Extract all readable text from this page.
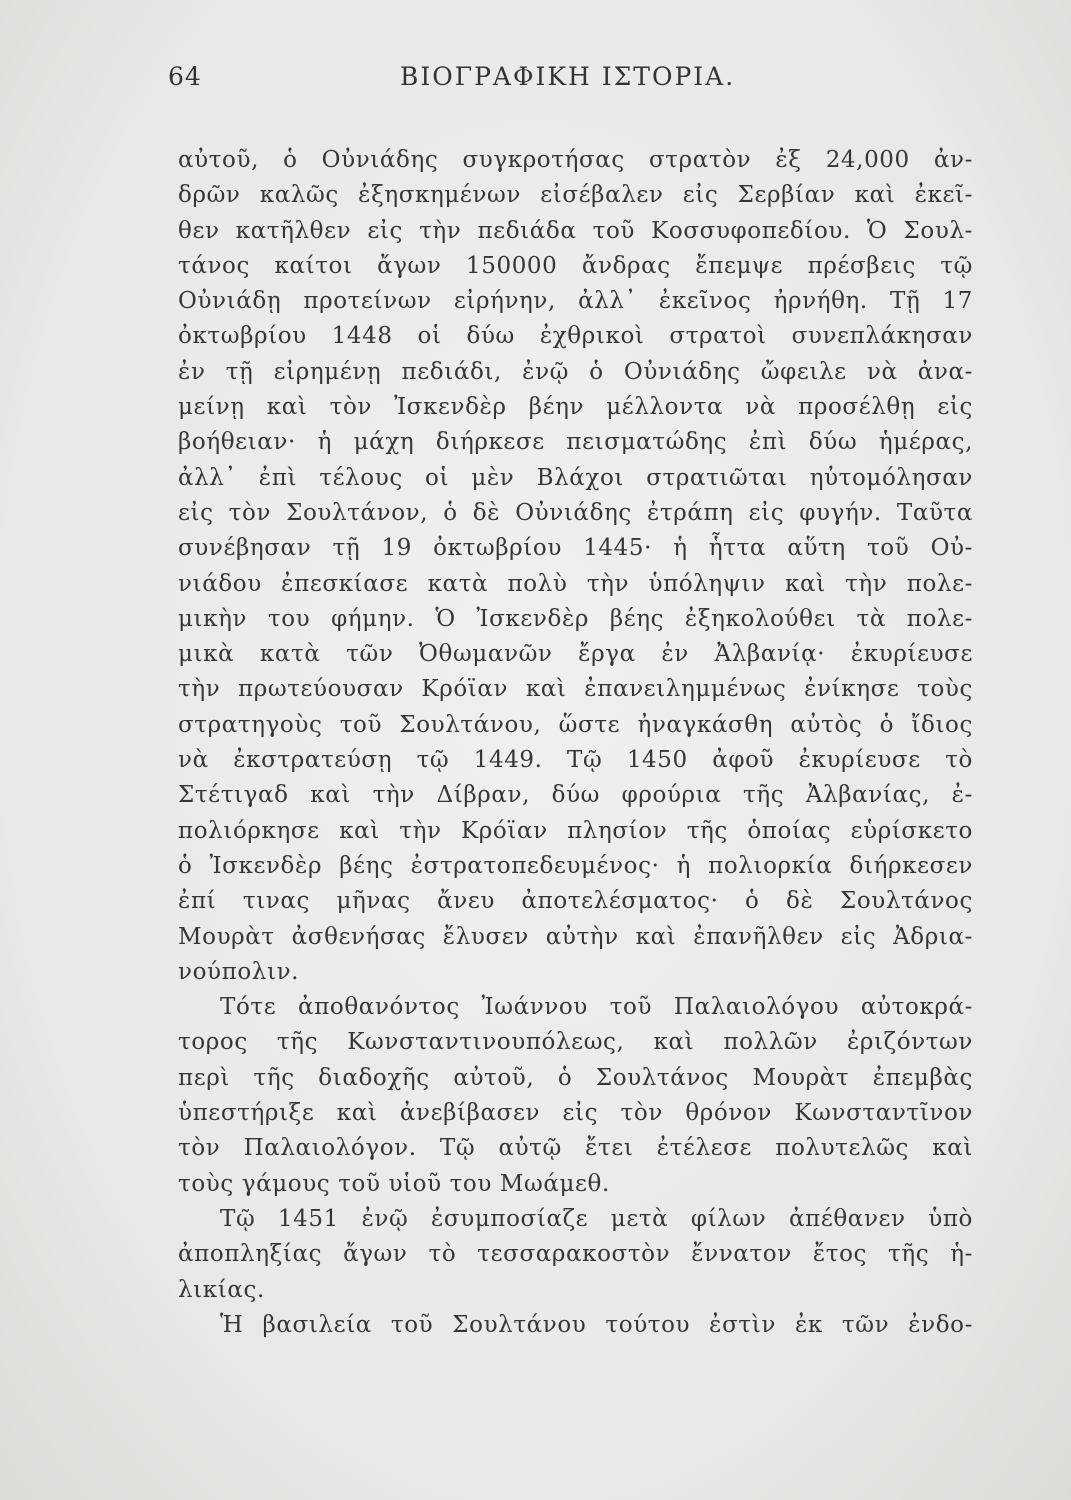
64	ΒΙΟΓΡΑΦΙΚΗ ΙΣΤΟΡΙΑ.
αὐτοῦ, ὁ Οὐνιάδης συγκροτήσας στρατὸν ἐξ 24,000 ἀν-
δρῶν καλῶς ἐξησκημένων εἰσέβαλεν εἰς Σερβίαν καὶ ἐκεῖ-
θεν κατῆλθεν εἰς τὴν πεδιάδα τοῦ Κοσσυφοπεδίου. Ὁ Σουλ-
τάνος καίτοι ἄγων 150000 ἄνδρας ἔπεμψε πρέσβεις τῷ
Οὐνιάδῃ προτείνων εἰρήνην, ἀλλ᾽ ἐκεῖνος ἠρνήθη. Τῇ 17
ὀκτωβρίου 1448 οἱ δύω ἐχθρικοὶ στρατοὶ συνεπλάκησαν
ἐν τῇ εἰρημένῃ πεδιάδι, ἐνῷ ὁ Οὐνιάδης ὤφειλε νὰ ἀνα-
μείνῃ καὶ τὸν Ἰσκενδὲρ βέην μέλλοντα νὰ προσέλθῃ εἰς
βοήθειαν· ἡ μάχη διήρκεσε πεισματώδης ἐπὶ δύω ἡμέρας,
ἀλλ᾽ ἐπὶ τέλους οἱ μὲν Βλάχοι στρατιῶται ηὐτομόλησαν
εἰς τὸν Σουλτάνον, ὁ δὲ Οὐνιάδης ἐτράπη εἰς φυγήν. Ταῦτα
συνέβησαν τῇ 19 ὀκτωβρίου 1445· ἡ ἧττα αὕτη τοῦ Οὐ-
νιάδου ἐπεσκίασε κατὰ πολὺ τὴν ὑπόληψιν καὶ τὴν πολε-
μικὴν του φήμην. Ὁ Ἰσκενδὲρ βέης ἐξηκολούθει τὰ πολε-
μικὰ κατὰ τῶν Ὀθωμανῶν ἔργα ἐν Ἀλβανίᾳ· ἐκυρίευσε
τὴν πρωτεύουσαν Κρόϊαν καὶ ἐπανειλημμένως ἐνίκησε τοὺς
στρατηγοὺς τοῦ Σουλτάνου, ὥστε ἠναγκάσθη αὐτὸς ὁ ἴδιος
νὰ ἐκστρατεύσῃ τῷ 1449. Τῷ 1450 ἀφοῦ ἐκυρίευσε τὸ
Στέτιγαδ καὶ τὴν Δίβραν, δύω φρούρια τῆς Ἀλβανίας, ἐ-
πολιόρκησε καὶ τὴν Κρόϊαν πλησίον τῆς ὁποίας εὑρίσκετο
ὁ Ἰσκενδὲρ βέης ἐστρατοπεδευμένος· ἡ πολιορκία διήρκεσεν
ἐπί τινας μῆνας ἄνευ ἀποτελέσματος· ὁ δὲ Σουλτάνος
Μουρὰτ ἀσθενήσας ἔλυσεν αὐτὴν καὶ ἐπανῆλθεν εἰς Ἀδρια-
νούπολιν.
Τότε ἀποθανόντος Ἰωάννου τοῦ Παλαιολόγου αὐτοκρά-
τορος τῆς Κωνσταντινουπόλεως, καὶ πολλῶν ἐριζόντων
περὶ τῆς διαδοχῆς αὐτοῦ, ὁ Σουλτάνος Μουρὰτ ἐπεμβὰς
ὑπεστήριξε καὶ ἀνεβίβασεν εἰς τὸν θρόνον Κωνσταντῖνον
τὸν Παλαιολόγον. Τῷ αὐτῷ ἔτει ἐτέλεσε πολυτελῶς καὶ
τοὺς γάμους τοῦ υἱοῦ του Μωάμεθ.
Τῷ 1451 ἐνῷ ἐσυμποσίαζε μετὰ φίλων ἀπέθανεν ὑπὸ
ἀποπληξίας ἄγων τὸ τεσσαρακοστὸν ἔννατον ἔτος τῆς ἡ-
λικίας.
Ἡ βασιλεία τοῦ Σουλτάνου τούτου ἐστὶν ἐκ τῶν ἐνδο-
